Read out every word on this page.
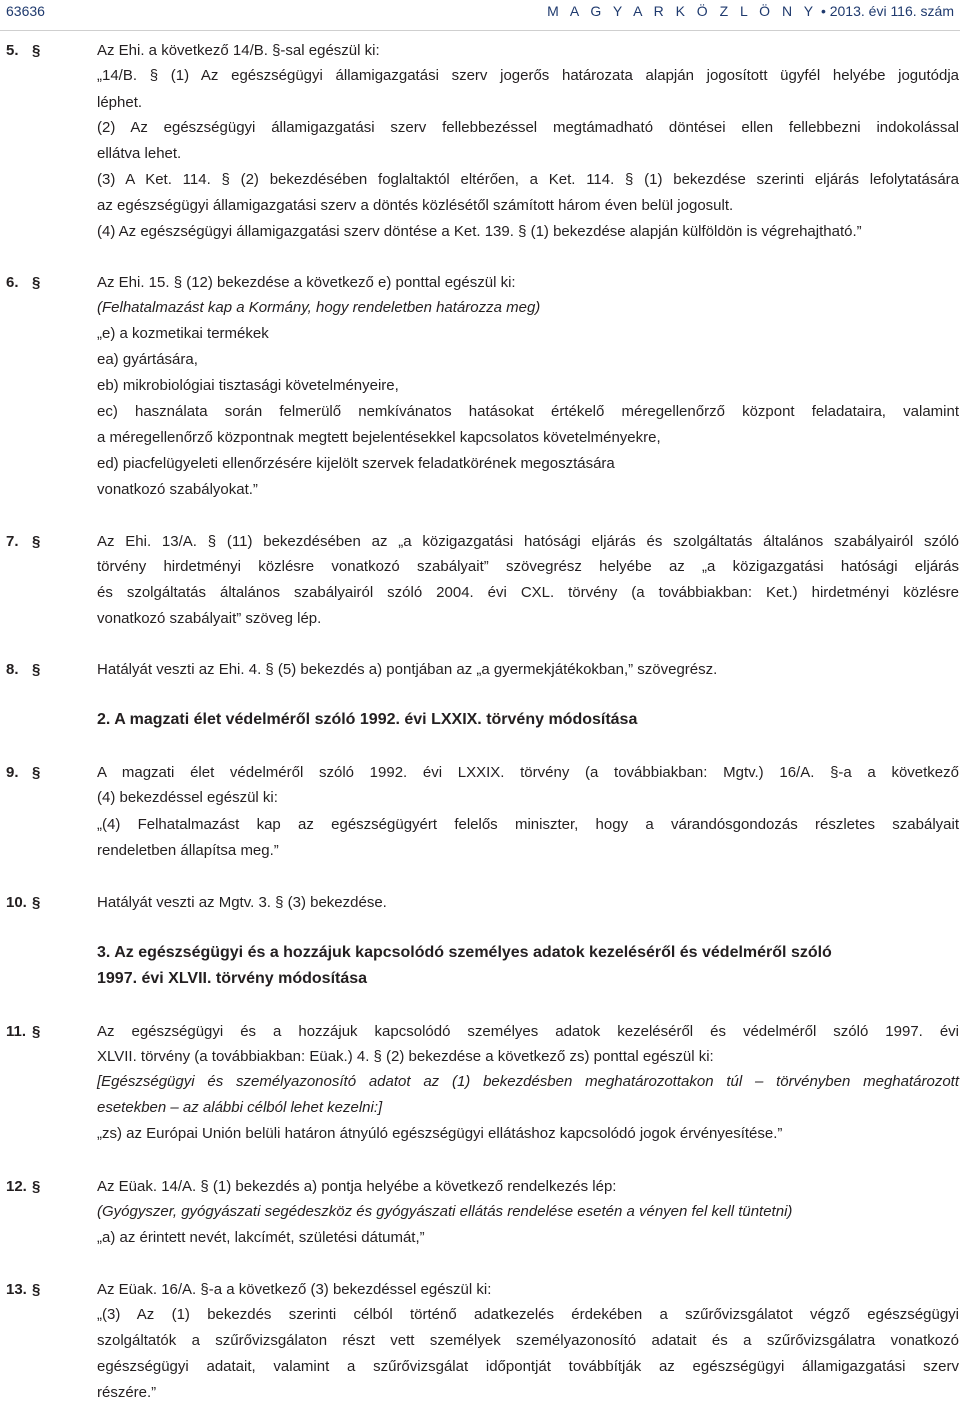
63636	M A G Y A R K Ö Z L Ö N Y • 2013. évi 116. szám
5. §	Az Ehi. a következő 14/B. §-sal egészül ki:
„14/B. § (1) Az egészségügyi államigazgatási szerv jogerős határozata alapján jogosított ügyfél helyébe jogutódja
léphet.
(2) Az egészségügyi államigazgatási szerv fellebbezéssel megtámadható döntései ellen fellebbezni indokolással
ellátva lehet.
(3) A Ket. 114. § (2) bekezdésében foglaltaktól eltérően, a Ket. 114. § (1) bekezdése szerinti eljárás lefolytatására
az egészségügyi államigazgatási szerv a döntés közlésétől számított három éven belül jogosult.
(4) Az egészségügyi államigazgatási szerv döntése a Ket. 139. § (1) bekezdése alapján külföldön is végrehajtható.”
6. §	Az Ehi. 15. § (12) bekezdése a következő e) ponttal egészül ki:
(Felhatalmazást kap a Kormány, hogy rendeletben határozza meg)
„e) a kozmetikai termékek
ea) gyártására,
eb) mikrobiológiai tisztasági követelményeire,
ec) használata során felmerülő nemkívánatos hatásokat értékelő méregellenőrző központ feladataira, valamint
a méregellenőrző központnak megtett bejelentésekkel kapcsolatos követelményekre,
ed) piacfelügyeleti ellenőrzésére kijelölt szervek feladatkörének megosztására
vonatkozó szabályokat.”
7. §	Az Ehi. 13/A. § (11) bekezdésében az „a közigazgatási hatósági eljárás és szolgáltatás általános szabályairól szóló
törvény hirdetményi közlésre vonatkozó szabályait” szövegrész helyébe az „a közigazgatási hatósági eljárás
és szolgáltatás általános szabályairól szóló 2004. évi CXL. törvény (a továbbiakban: Ket.) hirdetményi közlésre
vonatkozó szabályait” szöveg lép.
8. §	Hatályát veszti az Ehi. 4. § (5) bekezdés a) pontjában az „a gyermekjátékokban,” szövegrész.
2. A magzati élet védelméről szóló 1992. évi LXXIX. törvény módosítása
9. §	A magzati élet védelméről szóló 1992. évi LXXIX. törvény (a továbbiakban: Mgtv.) 16/A. §-a a következő
(4) bekezdéssel egészül ki:
„(4) Felhatalmazást kap az egészségügyért felelős miniszter, hogy a várandósgondozás részletes szabályait
rendeletben állapítsa meg.”
10. §	Hatályát veszti az Mgtv. 3. § (3) bekezdése.
3. Az egészségügyi és a hozzájuk kapcsolódó személyes adatok kezeléséről és védelméről szóló
1997. évi XLVII. törvény módosítása
11. §	Az egészségügyi és a hozzájuk kapcsolódó személyes adatok kezeléséről és védelméről szóló 1997. évi
XLVII. törvény (a továbbiakban: Eüak.) 4. § (2) bekezdése a következő zs) ponttal egészül ki:
[Egészségügyi és személyazonosító adatot az (1) bekezdésben meghatározottakon túl – törvényben meghatározott
esetekben – az alábbi célból lehet kezelni:]
„zs) az Európai Unión belüli határon átnyúló egészségügyi ellátáshoz kapcsolódó jogok érvényesítése.”
12. §	Az Eüak. 14/A. § (1) bekezdés a) pontja helyébe a következő rendelkezés lép:
(Gyógyszer, gyógyászati segédeszköz és gyógyászati ellátás rendelése esetén a vényen fel kell tüntetni)
„a) az érintett nevét, lakcímét, születési dátumát,”
13. §	Az Eüak. 16/A. §-a a következő (3) bekezdéssel egészül ki:
„(3) Az (1) bekezdés szerinti célból történő adatkezelés érdekében a szűrővizsgálatot végző egészségügyi
szolgáltatók a szűrővizsgálaton részt vett személyek személyazonosító adatait és a szűrővizsgálatra vonatkozó
egészségügyi adatait, valamint a szűrővizsgálat időpontját továbbítják az egészségügyi államigazgatási szerv
részére.”
